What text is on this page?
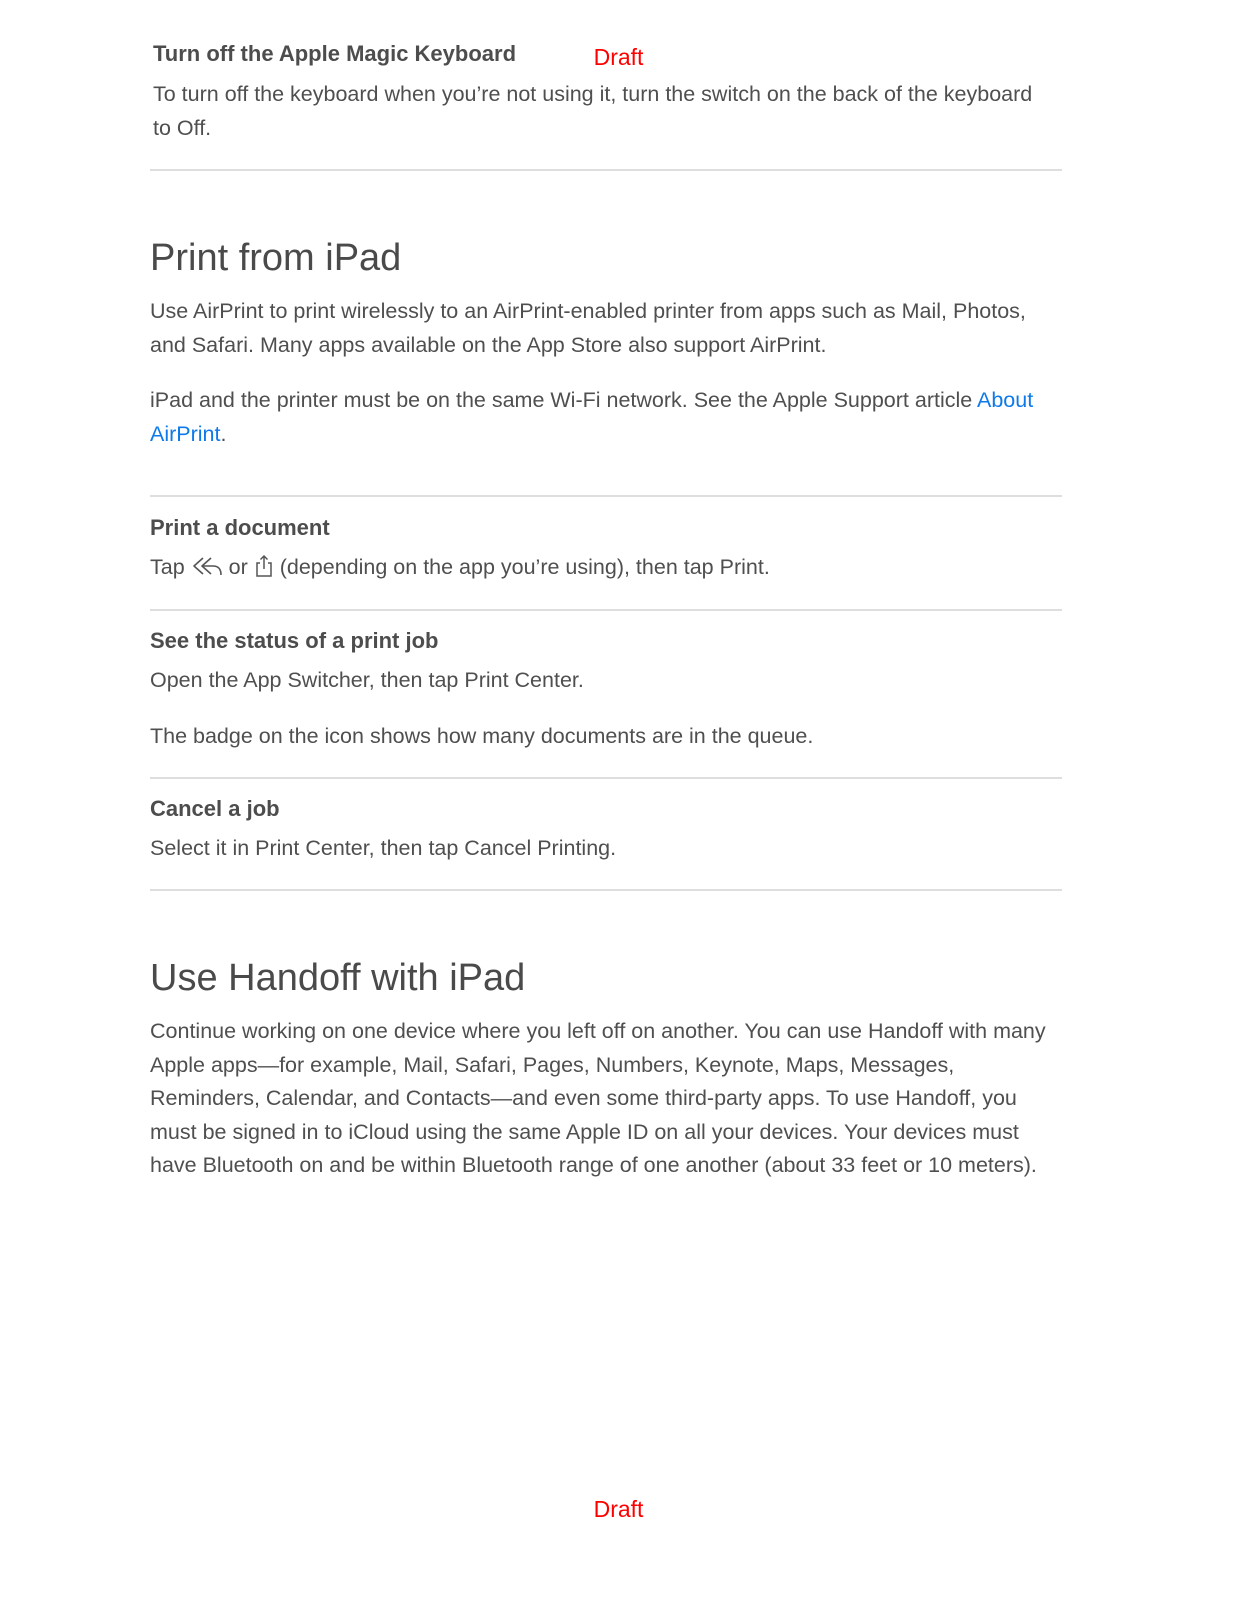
Draft

Turn off the Apple Magic Keyboard

To turn off the keyboard when you’re not using it, turn the switch on the back of the keyboard to Off.

Print from iPad

Use AirPrint to print wirelessly to an AirPrint-enabled printer from apps such as Mail, Photos, and Safari. Many apps available on the App Store also support AirPrint.

iPad and the printer must be on the same Wi-Fi network. See the Apple Support article About AirPrint.

Print a document

Tap or (depending on the app you’re using), then tap Print.

See the status of a print job

Open the App Switcher, then tap Print Center.

The badge on the icon shows how many documents are in the queue.

Cancel a job

Select it in Print Center, then tap Cancel Printing.

Use Handoff with iPad

Continue working on one device where you left off on another. You can use Handoff with many Apple apps—for example, Mail, Safari, Pages, Numbers, Keynote, Maps, Messages, Reminders, Calendar, and Contacts—and even some third-party apps. To use Handoff, you must be signed in to iCloud using the same Apple ID on all your devices. Your devices must have Bluetooth on and be within Bluetooth range of one another (about 33 feet or 10 meters).

Draft
